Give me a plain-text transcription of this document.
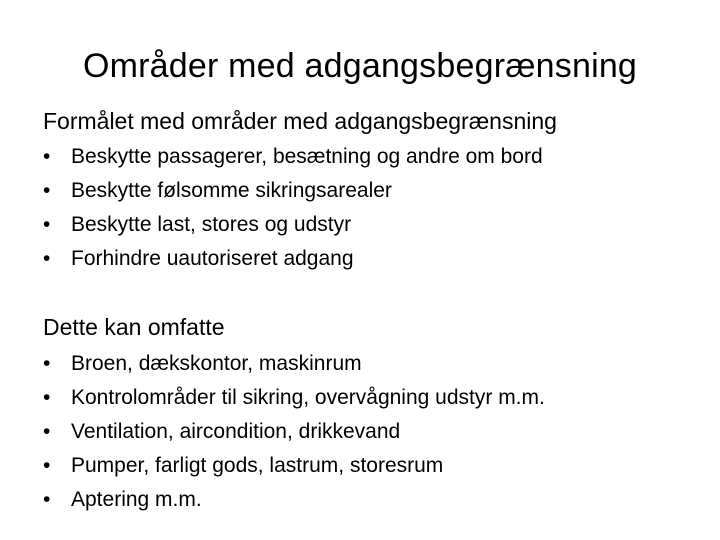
Områder med adgangsbegrænsning
Formålet med områder med adgangsbegrænsning
• Beskytte passagerer, besætning og andre om bord
• Beskytte følsomme sikringsarealer
• Beskytte last, stores og udstyr
• Forhindre uautoriseret adgang
Dette kan omfatte
• Broen, dækskontor, maskinrum
• Kontrolområder til sikring, overvågning udstyr m.m.
• Ventilation, aircondition, drikkevand
• Pumper, farligt gods, lastrum, storesrum
• Aptering m.m.
